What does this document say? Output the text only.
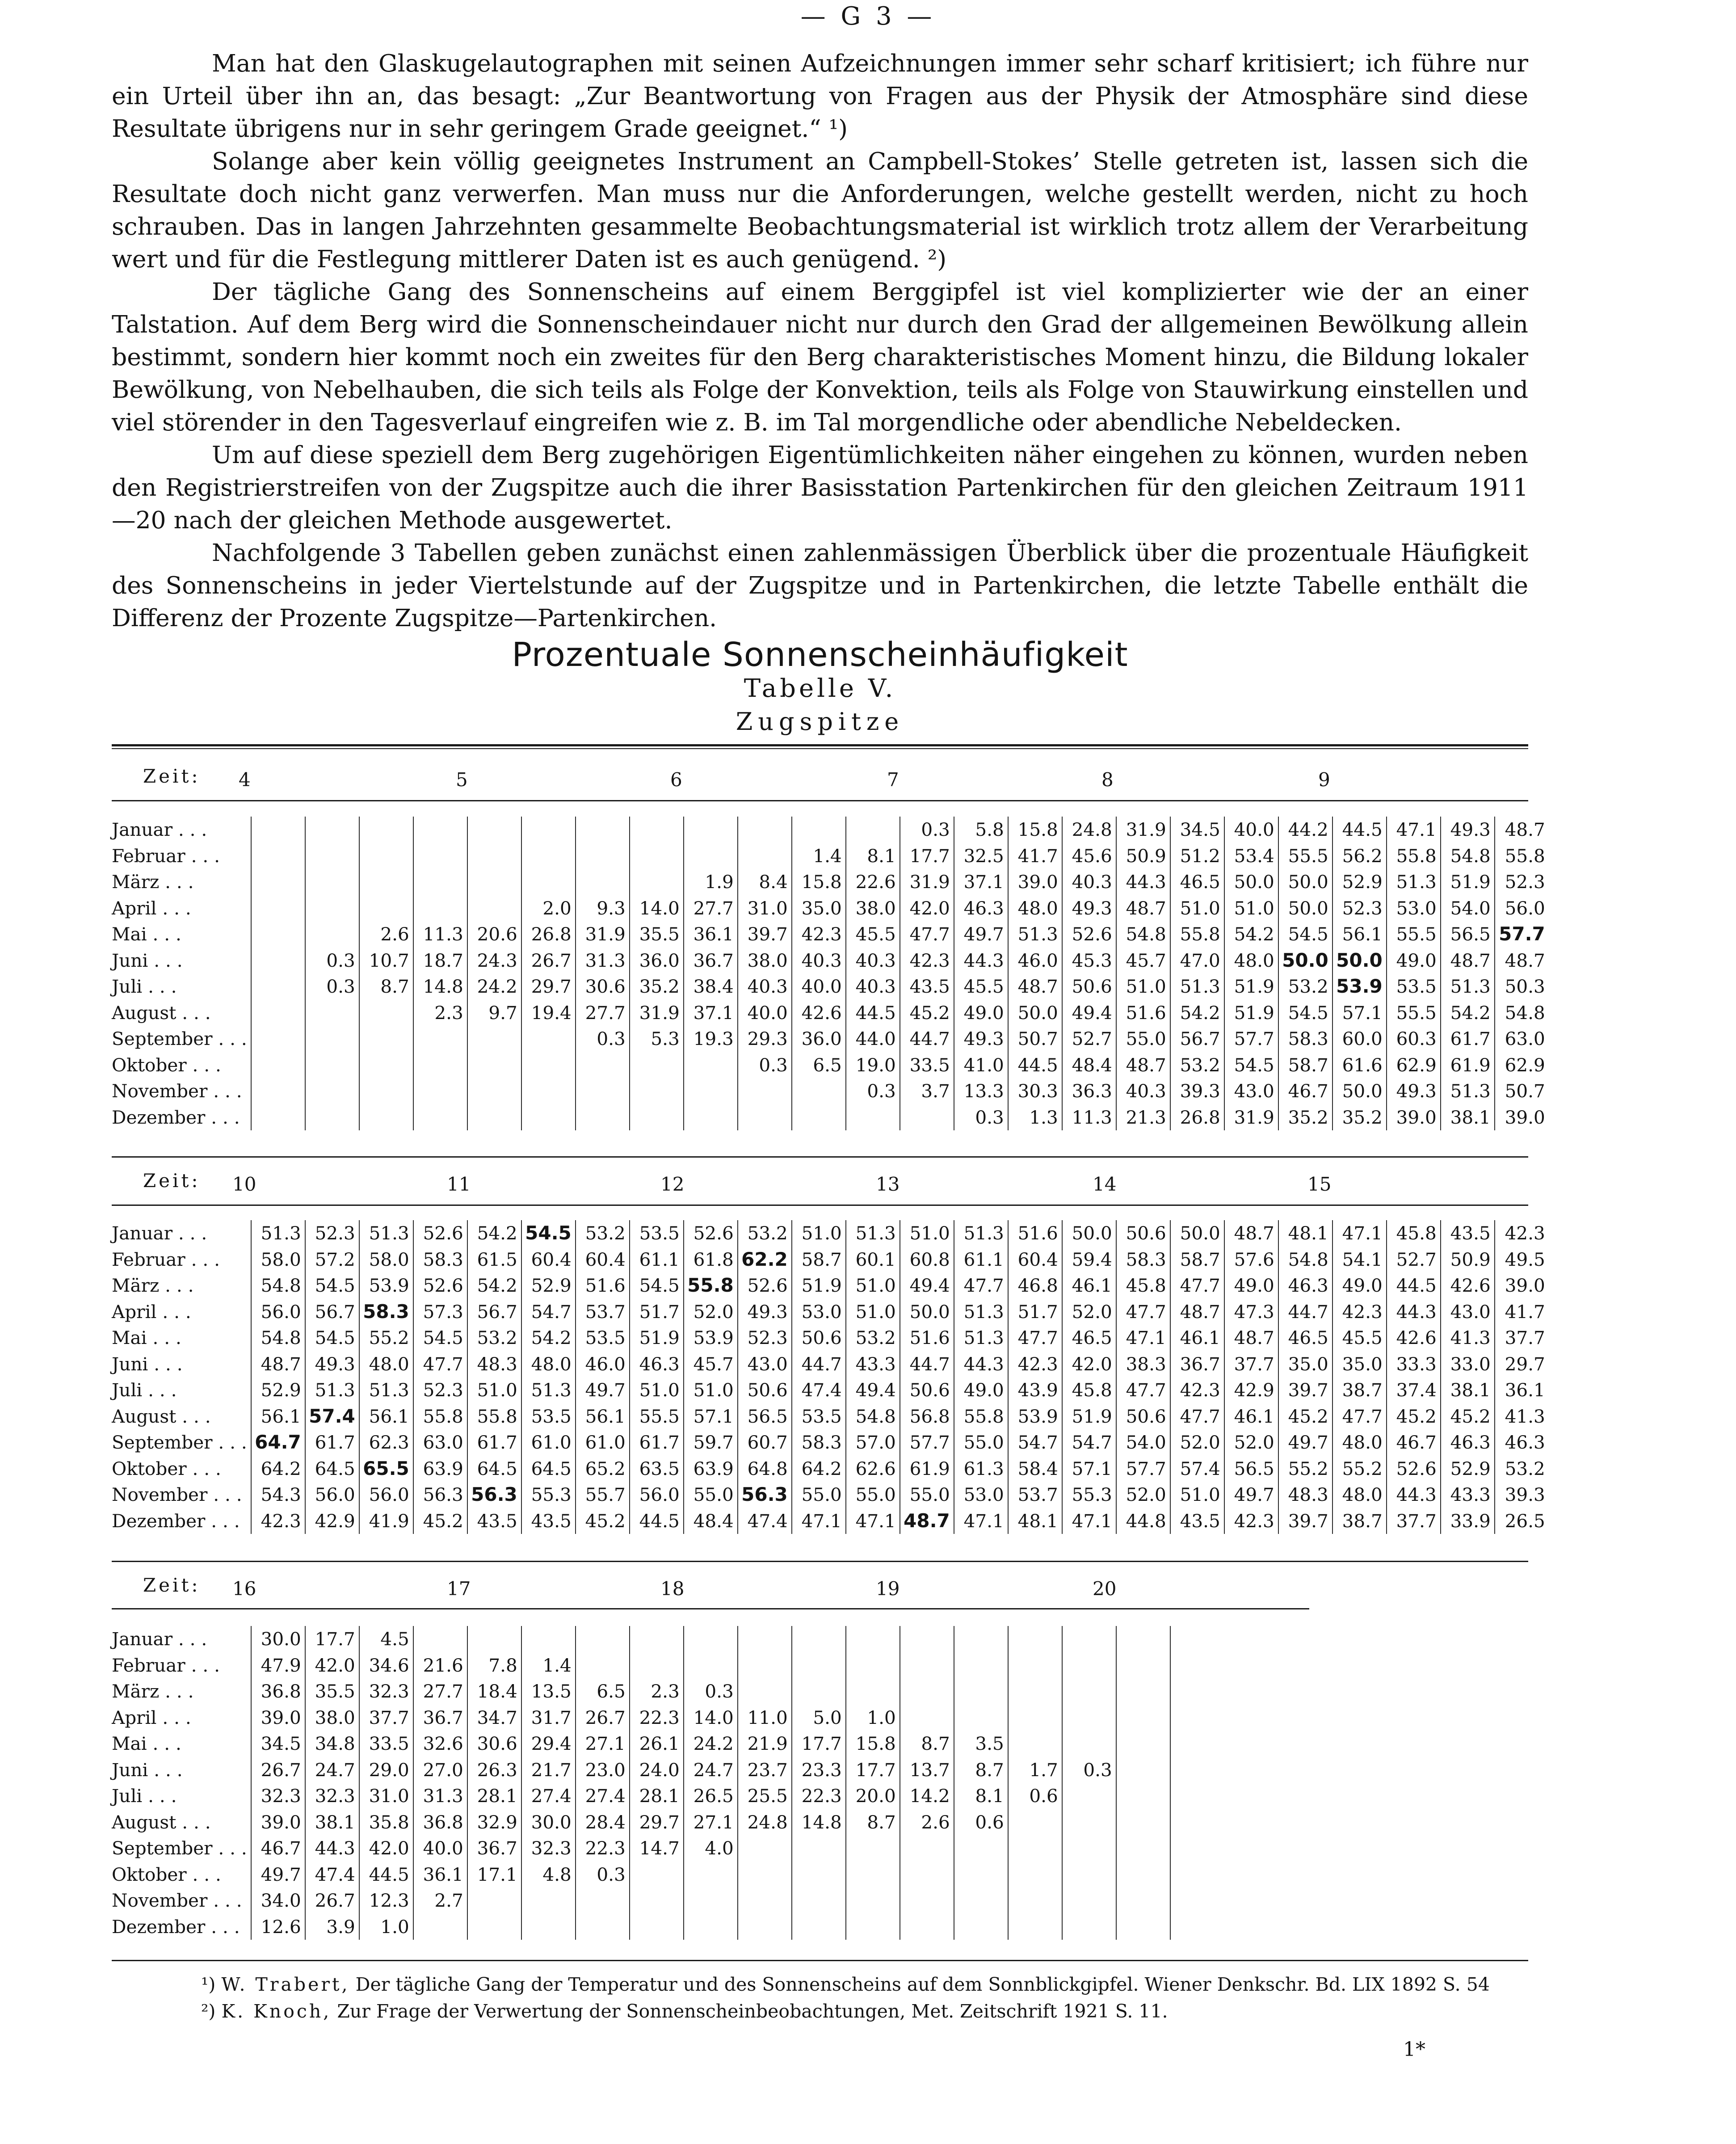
— G 3 —

Man hat den Glaskugelautographen mit seinen Aufzeichnungen immer sehr scharf kritisiert; ich führe nur ein Urteil über ihn an, das besagt: „Zur Beantwortung von Fragen aus der Physik der Atmosphäre sind diese Resultate übrigens nur in sehr geringem Grade geeignet.“ ¹)

Solange aber kein völlig geeignetes Instrument an Campbell-Stokes’ Stelle getreten ist, lassen sich die Resultate doch nicht ganz verwerfen. Man muss nur die Anforderungen, welche gestellt werden, nicht zu hoch schrauben. Das in langen Jahrzehnten gesammelte Beobachtungsmaterial ist wirklich trotz allem der Verarbeitung wert und für die Festlegung mittlerer Daten ist es auch genügend. ²)

Der tägliche Gang des Sonnenscheins auf einem Berggipfel ist viel komplizierter wie der an einer Talstation. Auf dem Berg wird die Sonnenscheindauer nicht nur durch den Grad der allgemeinen Bewölkung allein bestimmt, sondern hier kommt noch ein zweites für den Berg charakteristisches Moment hinzu, die Bildung lokaler Bewölkung, von Nebelhauben, die sich teils als Folge der Konvektion, teils als Folge von Stauwirkung einstellen und viel störender in den Tagesverlauf eingreifen wie z. B. im Tal morgendliche oder abendliche Nebeldecken.

Um auf diese speziell dem Berg zugehörigen Eigentümlichkeiten näher eingehen zu können, wurden neben den Registrierstreifen von der Zugspitze auch die ihrer Basisstation Partenkirchen für den gleichen Zeitraum 1911—20 nach der gleichen Methode ausgewertet.

Nachfolgende 3 Tabellen geben zunächst einen zahlenmässigen Überblick über die prozentuale Häufigkeit des Sonnenscheins in jeder Viertelstunde auf der Zugspitze und in Partenkirchen, die letzte Tabelle enthält die Differenz der Prozente Zugspitze—Partenkirchen.

Prozentuale Sonnenscheinhäufigkeit
Tabelle V.
Zugspitze
Zeit: 4	5	6	7	8	9
Januar . . .													0.3	5.8	15.8	24.8	31.9	34.5	40.0	44.2	44.5	47.1	49.3	48.7
Februar . . .											1.4	8.1	17.7	32.5	41.7	45.6	50.9	51.2	53.4	55.5	56.2	55.8	54.8	55.8
März . . .									1.9	8.4	15.8	22.6	31.9	37.1	39.0	40.3	44.3	46.5	50.0	50.0	52.9	51.3	51.9	52.3
April . . .						2.0	9.3	14.0	27.7	31.0	35.0	38.0	42.0	46.3	48.0	49.3	48.7	51.0	51.0	50.0	52.3	53.0	54.0	56.0
Mai . . .			2.6	11.3	20.6	26.8	31.9	35.5	36.1	39.7	42.3	45.5	47.7	49.7	51.3	52.6	54.8	55.8	54.2	54.5	56.1	55.5	56.5	57.7
Juni . . .		0.3	10.7	18.7	24.3	26.7	31.3	36.0	36.7	38.0	40.3	40.3	42.3	44.3	46.0	45.3	45.7	47.0	48.0	50.0	50.0	49.0	48.7	48.7
Juli . . .		0.3	8.7	14.8	24.2	29.7	30.6	35.2	38.4	40.3	40.0	40.3	43.5	45.5	48.7	50.6	51.0	51.3	51.9	53.2	53.9	53.5	51.3	50.3
August . . .				2.3	9.7	19.4	27.7	31.9	37.1	40.0	42.6	44.5	45.2	49.0	50.0	49.4	51.6	54.2	51.9	54.5	57.1	55.5	54.2	54.8
September . . .							0.3	5.3	19.3	29.3	36.0	44.0	44.7	49.3	50.7	52.7	55.0	56.7	57.7	58.3	60.0	60.3	61.7	63.0
Oktober . . .										0.3	6.5	19.0	33.5	41.0	44.5	48.4	48.7	53.2	54.5	58.7	61.6	62.9	61.9	62.9
November . . .												0.3	3.7	13.3	30.3	36.3	40.3	39.3	43.0	46.7	50.0	49.3	51.3	50.7
Dezember . . .														0.3	1.3	11.3	21.3	26.8	31.9	35.2	35.2	39.0	38.1	39.0
Zeit: 10	11	12	13	14	15
Januar . . .	51.3	52.3	51.3	52.6	54.2	54.5	53.2	53.5	52.6	53.2	51.0	51.3	51.0	51.3	51.6	50.0	50.6	50.0	48.7	48.1	47.1	45.8	43.5	42.3
Februar . . .	58.0	57.2	58.0	58.3	61.5	60.4	60.4	61.1	61.8	62.2	58.7	60.1	60.8	61.1	60.4	59.4	58.3	58.7	57.6	54.8	54.1	52.7	50.9	49.5
März . . .	54.8	54.5	53.9	52.6	54.2	52.9	51.6	54.5	55.8	52.6	51.9	51.0	49.4	47.7	46.8	46.1	45.8	47.7	49.0	46.3	49.0	44.5	42.6	39.0
April . . .	56.0	56.7	58.3	57.3	56.7	54.7	53.7	51.7	52.0	49.3	53.0	51.0	50.0	51.3	51.7	52.0	47.7	48.7	47.3	44.7	42.3	44.3	43.0	41.7
Mai . . .	54.8	54.5	55.2	54.5	53.2	54.2	53.5	51.9	53.9	52.3	50.6	53.2	51.6	51.3	47.7	46.5	47.1	46.1	48.7	46.5	45.5	42.6	41.3	37.7
Juni . . .	48.7	49.3	48.0	47.7	48.3	48.0	46.0	46.3	45.7	43.0	44.7	43.3	44.7	44.3	42.3	42.0	38.3	36.7	37.7	35.0	35.0	33.3	33.0	29.7
Juli . . .	52.9	51.3	51.3	52.3	51.0	51.3	49.7	51.0	51.0	50.6	47.4	49.4	50.6	49.0	43.9	45.8	47.7	42.3	42.9	39.7	38.7	37.4	38.1	36.1
August . . .	56.1	57.4	56.1	55.8	55.8	53.5	56.1	55.5	57.1	56.5	53.5	54.8	56.8	55.8	53.9	51.9	50.6	47.7	46.1	45.2	47.7	45.2	45.2	41.3
September . . .	64.7	61.7	62.3	63.0	61.7	61.0	61.0	61.7	59.7	60.7	58.3	57.0	57.7	55.0	54.7	54.7	54.0	52.0	52.0	49.7	48.0	46.7	46.3	46.3
Oktober . . .	64.2	64.5	65.5	63.9	64.5	64.5	65.2	63.5	63.9	64.8	64.2	62.6	61.9	61.3	58.4	57.1	57.7	57.4	56.5	55.2	55.2	52.6	52.9	53.2
November . . .	54.3	56.0	56.0	56.3	56.3	55.3	55.7	56.0	55.0	56.3	55.0	55.0	55.0	53.0	53.7	55.3	52.0	51.0	49.7	48.3	48.0	44.3	43.3	39.3
Dezember . . .	42.3	42.9	41.9	45.2	43.5	43.5	45.2	44.5	48.4	47.4	47.1	47.1	48.7	47.1	48.1	47.1	44.8	43.5	42.3	39.7	38.7	37.7	33.9	26.5
Zeit: 16	17	18	19	20
Januar . . .	30.0	17.7	4.5															
Februar . . .	47.9	42.0	34.6	21.6	7.8	1.4												
März . . .	36.8	35.5	32.3	27.7	18.4	13.5	6.5	2.3	0.3									
April . . .	39.0	38.0	37.7	36.7	34.7	31.7	26.7	22.3	14.0	11.0	5.0	1.0						
Mai . . .	34.5	34.8	33.5	32.6	30.6	29.4	27.1	26.1	24.2	21.9	17.7	15.8	8.7	3.5				
Juni . . .	26.7	24.7	29.0	27.0	26.3	21.7	23.0	24.0	24.7	23.7	23.3	17.7	13.7	8.7	1.7	0.3		
Juli . . .	32.3	32.3	31.0	31.3	28.1	27.4	27.4	28.1	26.5	25.5	22.3	20.0	14.2	8.1	0.6			
August . . .	39.0	38.1	35.8	36.8	32.9	30.0	28.4	29.7	27.1	24.8	14.8	8.7	2.6	0.6				
September . . .	46.7	44.3	42.0	40.0	36.7	32.3	22.3	14.7	4.0									
Oktober . . .	49.7	47.4	44.5	36.1	17.1	4.8	0.3											
November . . .	34.0	26.7	12.3	2.7														
Dezember . . .	12.6	3.9	1.0															
¹) W. Trabert, Der tägliche Gang der Temperatur und des Sonnenscheins auf dem Sonnblickgipfel. Wiener Denkschr. Bd. LIX 1892 S. 54
²) K. Knoch, Zur Frage der Verwertung der Sonnenscheinbeobachtungen, Met. Zeitschrift 1921 S. 11.
1*
